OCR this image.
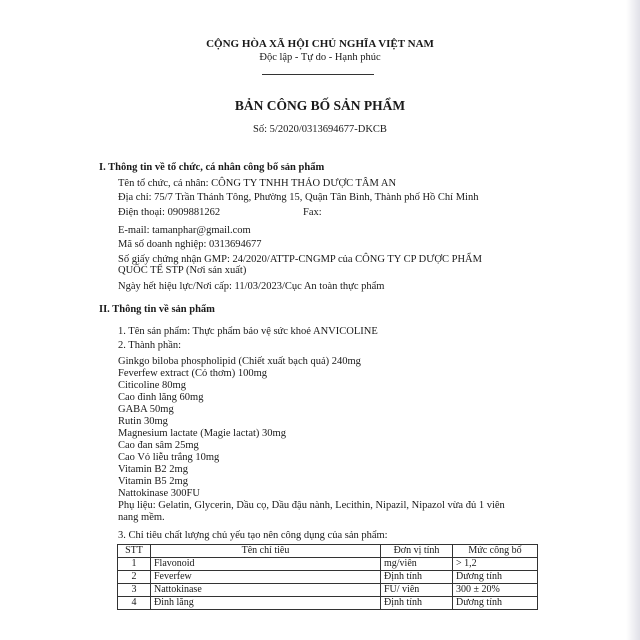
CỘNG HÒA XÃ HỘI CHỦ NGHĨA VIỆT NAM
Độc lập - Tự do - Hạnh phúc
BẢN CÔNG BỐ SẢN PHẨM
Số: 5/2020/0313694677-DKCB
I. Thông tin về tổ chức, cá nhân công bố sản phẩm
Tên tổ chức, cá nhân: CÔNG TY TNHH THẢO DƯỢC TÂM AN
Địa chỉ: 75/7 Trần Thánh Tông, Phường 15, Quận Tân Bình, Thành phố Hồ Chí Minh
Điện thoại: 0909881262	Fax:
E-mail: tamanphar@gmail.com
Mã số doanh nghiệp: 0313694677
Số giấy chứng nhận GMP: 24/2020/ATTP-CNGMP của CÔNG TY CP DƯỢC PHẨM
QUỐC TẾ STP (Nơi sản xuất)
Ngày hết hiệu lực/Nơi cấp: 11/03/2023/Cục An toàn thực phẩm
II. Thông tin về sản phẩm
1. Tên sản phẩm: Thực phẩm bảo vệ sức khoẻ ANVICOLINE
2. Thành phần:
Ginkgo biloba phospholipid (Chiết xuất bạch quả) 240mg
Feverfew extract (Cỏ thơm) 100mg
Citicoline 80mg
Cao đinh lăng 60mg
GABA 50mg
Rutin 30mg
Magnesium lactate (Magie lactat) 30mg
Cao đan sâm 25mg
Cao Vỏ liễu trắng 10mg
Vitamin B2 2mg
Vitamin B5 2mg
Nattokinase 300FU
Phụ liệu: Gelatin, Glycerin, Dầu cọ, Dầu đậu nành, Lecithin, Nipazil, Nipazol vừa đủ 1 viên
nang mềm.
3. Chỉ tiêu chất lượng chủ yếu tạo nên công dụng của sản phẩm:
STT	Tên chỉ tiêu	Đơn vị tính	Mức công bố
1	Flavonoid	mg/viên	> 1,2
2	Feverfew	Định tính	Dương tính
3	Nattokinase	FU/ viên	300 ± 20%
4	Đinh lăng	Định tính	Dương tính
